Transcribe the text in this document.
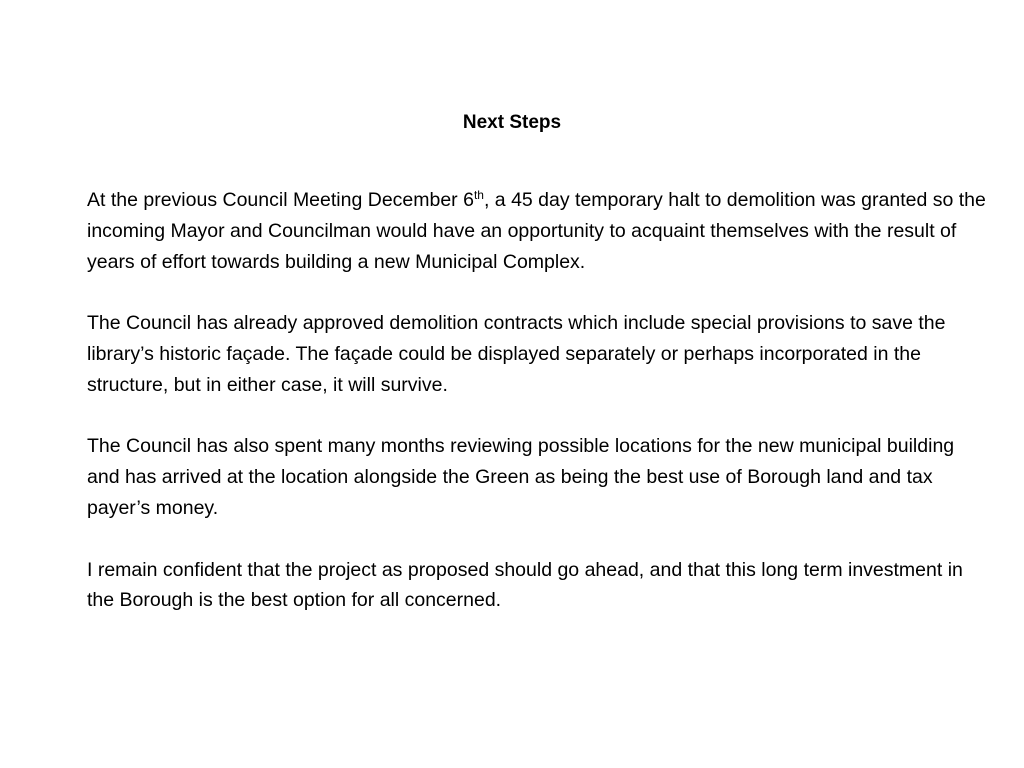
Next Steps

At the previous Council Meeting December 6th, a 45 day temporary halt to demolition was granted so the incoming Mayor and Councilman would have an opportunity to acquaint themselves with the result of years of effort towards building a new Municipal Complex.

The Council has already approved demolition contracts which include special provisions to save the library’s historic façade. The façade could be displayed separately or perhaps incorporated in the structure, but in either case, it will survive.

The Council has also spent many months reviewing possible locations for the new municipal building and has arrived at the location alongside the Green as being the best use of Borough land and tax payer’s money.

I remain confident that the project as proposed should go ahead, and that this long term investment in the Borough is the best option for all concerned.
